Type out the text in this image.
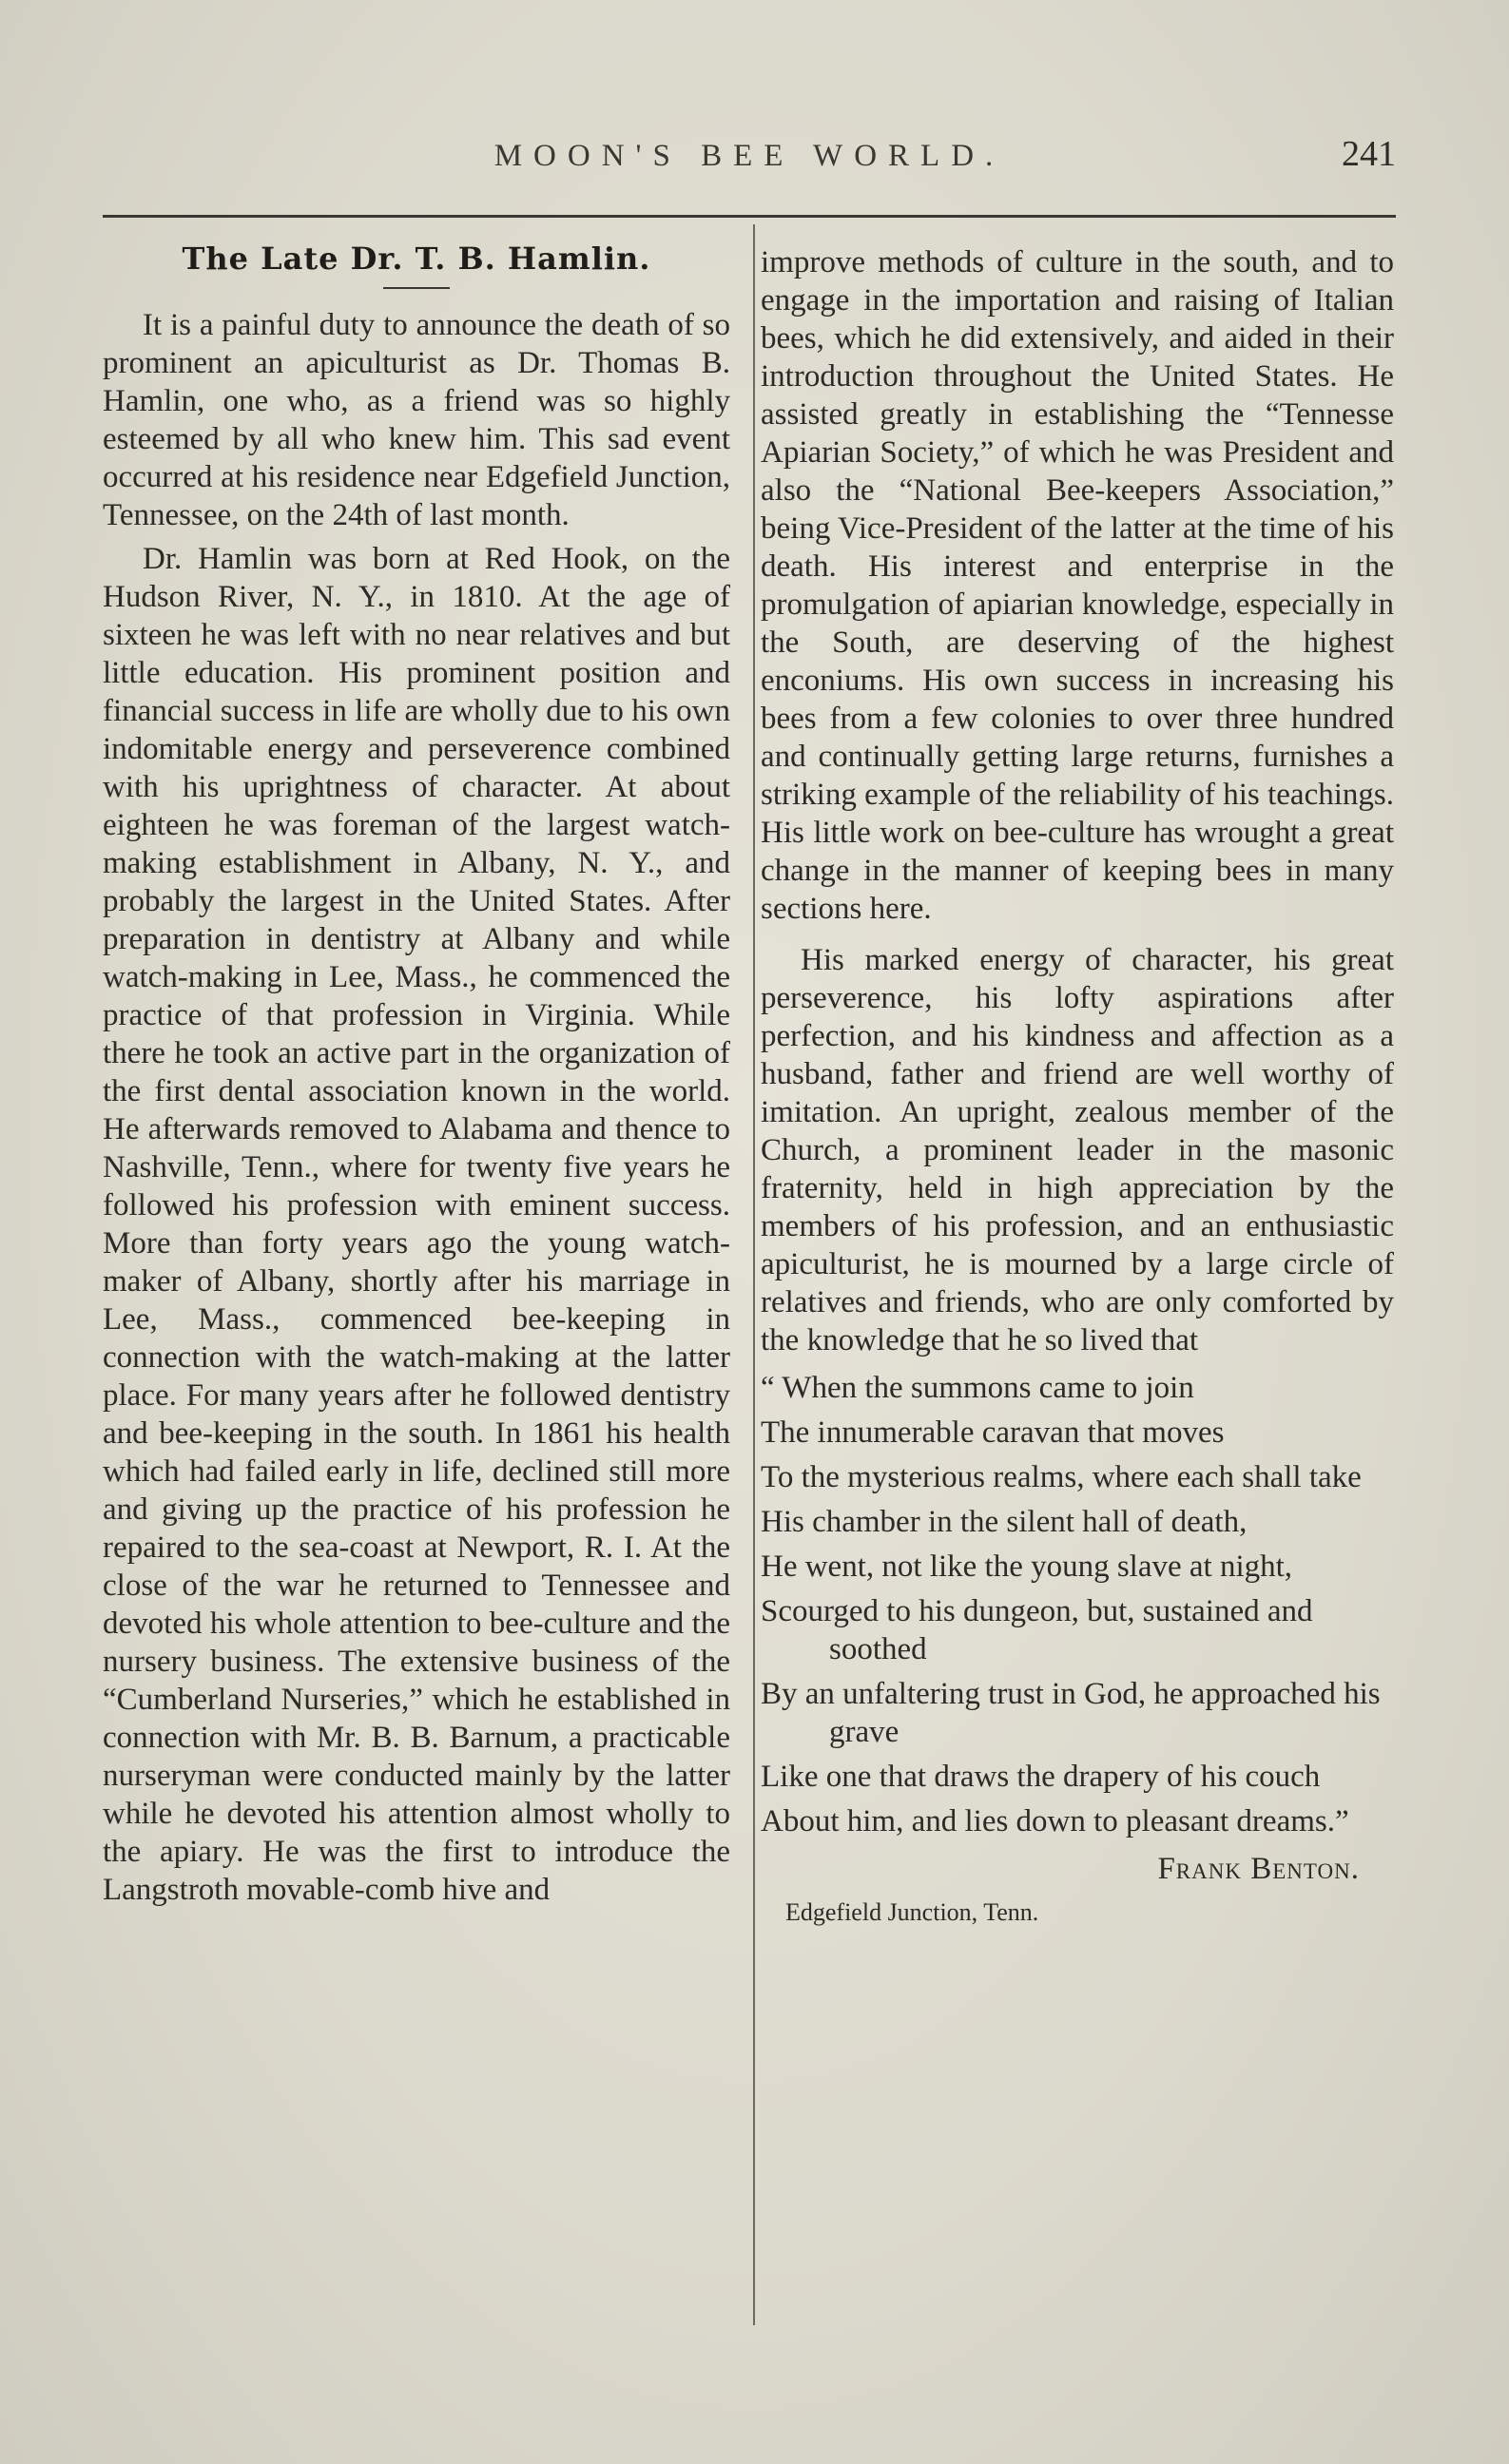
MOON'S BEE WORLD.	241
The Late Dr. T. B. Hamlin.

It is a painful duty to announce the death of so prominent an apiculturist as Dr. Thomas B. Hamlin, one who, as a friend was so highly esteemed by all who knew him. This sad event occurred at his residence near Edgefield Junction, Tennessee, on the 24th of last month.

Dr. Hamlin was born at Red Hook, on the Hudson River, N. Y., in 1810. At the age of sixteen he was left with no near relatives and but little education. His prominent position and financial success in life are wholly due to his own indomitable energy and perseverence combined with his uprightness of character. At about eighteen he was foreman of the largest watch-making establishment in Albany, N. Y., and probably the largest in the United States. After preparation in dentistry at Albany and while watch-making in Lee, Mass., he commenced the practice of that profession in Virginia. While there he took an active part in the organization of the first dental association known in the world. He afterwards removed to Alabama and thence to Nashville, Tenn., where for twenty five years he followed his profession with eminent success. More than forty years ago the young watch-maker of Albany, shortly after his marriage in Lee, Mass., commenced bee-keeping in connection with the watch-making at the latter place. For many years after he followed dentistry and bee-keeping in the south. In 1861 his health which had failed early in life, declined still more and giving up the practice of his profession he repaired to the sea-coast at Newport, R. I. At the close of the war he returned to Tennessee and devoted his whole attention to bee-culture and the nursery business. The extensive business of the “Cumberland Nurseries,” which he established in connection with Mr. B. B. Barnum, a practicable nurseryman were conducted mainly by the latter while he devoted his attention almost wholly to the apiary. He was the first to introduce the Langstroth movable-comb hive and

improve methods of culture in the south, and to engage in the importation and raising of Italian bees, which he did extensively, and aided in their introduction throughout the United States. He assisted greatly in establishing the “Tennesse Apiarian Society,” of which he was President and also the “National Bee-keepers Association,” being Vice-President of the latter at the time of his death. His interest and enterprise in the promulgation of apiarian knowledge, especially in the South, are deserving of the highest enconiums. His own success in increasing his bees from a few colonies to over three hundred and continually getting large returns, furnishes a striking example of the reliability of his teachings. His little work on bee-culture has wrought a great change in the manner of keeping bees in many sections here.

His marked energy of character, his great perseverence, his lofty aspirations after perfection, and his kindness and affection as a husband, father and friend are well worthy of imitation. An upright, zealous member of the Church, a prominent leader in the masonic fraternity, held in high appreciation by the members of his profession, and an enthusiastic apiculturist, he is mourned by a large circle of relatives and friends, who are only comforted by the knowledge that he so lived that

“ When the summons came to join

The innumerable caravan that moves

To the mysterious realms, where each shall take

His chamber in the silent hall of death,

He went, not like the young slave at night,

Scourged to his dungeon, but, sustained and soothed

By an unfaltering trust in God, he approached his grave

Like one that draws the drapery of his couch

About him, and lies down to pleasant dreams.”

Frank Benton.
Edgefield Junction, Tenn.
